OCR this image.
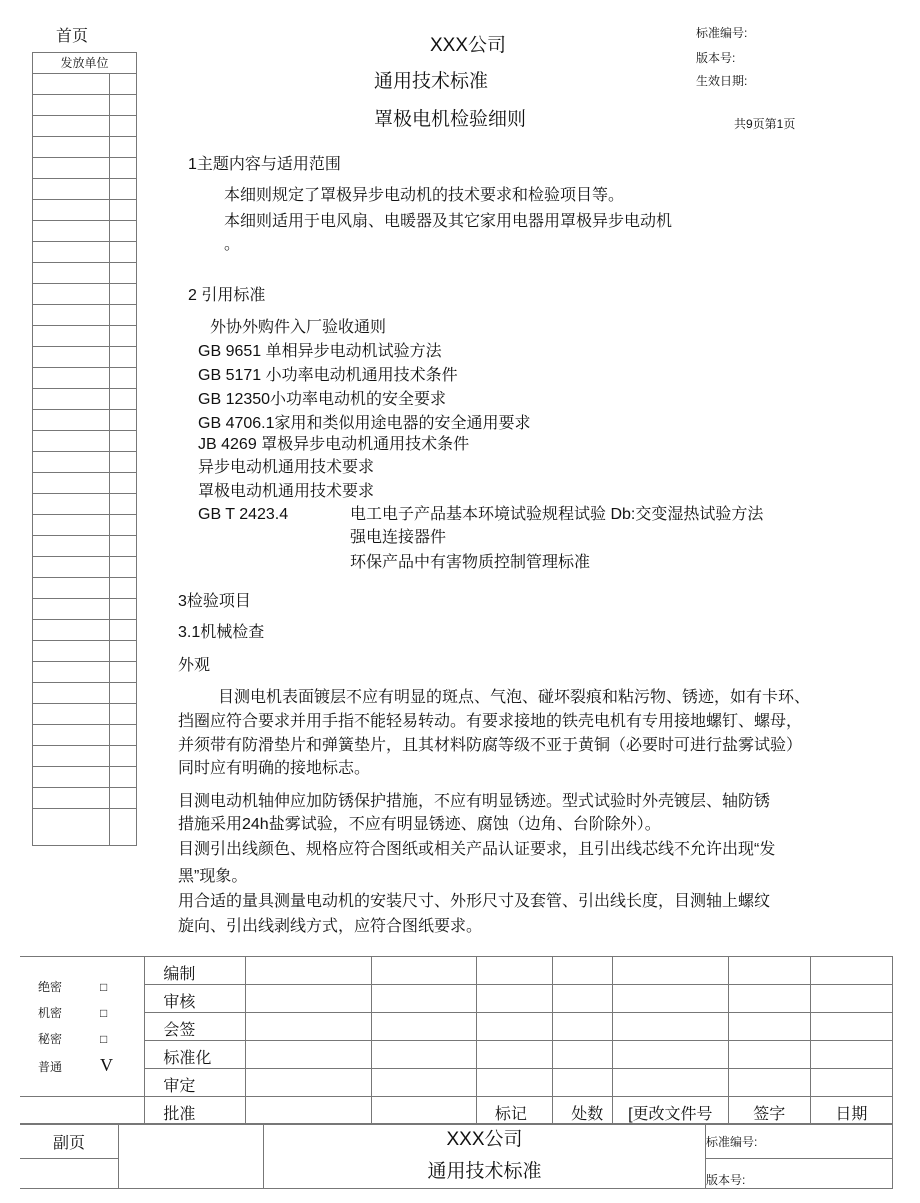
首页
发放单位	

XXX公司
通用技术标准
罩极电机检验细则
标准编号:
版本号:
生效日期:
共9页第1页
1主题内容与适用范围
本细则规定了罩极异步电动机的技术要求和检验项目等。
本细则适用于电风扇、电暖器及其它家用电器用罩极异步电动机
。
2 引用标准
外协外购件入厂验收通则
GB 9651 单相异步电动机试验方法
GB 5171 小功率电动机通用技术条件
GB 12350小功率电动机的安全要求
GB 4706.1家用和类似用途电器的安全通用要求
JB 4269 罩极异步电动机通用技术条件
异步电动机通用技术要求
罩极电动机通用技术要求
GB T 2423.4	电工电子产品基本环境试验规程试验 Db:交变湿热试验方法
强电连接器件
环保产品中有害物质控制管理标准
3检验项目
3.1机械检查
外观
目测电机表面镀层不应有明显的斑点、气泡、碰坏裂痕和粘污物、锈迹，如有卡环、
挡圈应符合要求并用手指不能轻易转动。有要求接地的铁壳电机有专用接地螺钉、螺母，
并须带有防滑垫片和弹簧垫片，且其材料防腐等级不亚于黄铜（必要时可进行盐雾试验）
同时应有明确的接地标志。
目测电动机轴伸应加防锈保护措施，不应有明显锈迹。型式试验时外壳镀层、轴防锈
措施采用24h盐雾试验，不应有明显锈迹、腐蚀（边角、台阶除外）。
目测引出线颜色、规格应符合图纸或相关产品认证要求，且引出线芯线不允许出现“发
黑”现象。
用合适的量具测量电动机的安装尺寸、外形尺寸及套管、引出线长度，目测轴上螺纹
旋向、引出线剥线方式，应符合图纸要求。
绝密 □
机密 □
秘密 □
普通 V	编制							
	审核							
	会签							
	标准化							
	审定							
	批准			标记	处数	[更改文件号	签字	日期
副页		XXX公司
通用技术标准	标准编号:
			版本号:
